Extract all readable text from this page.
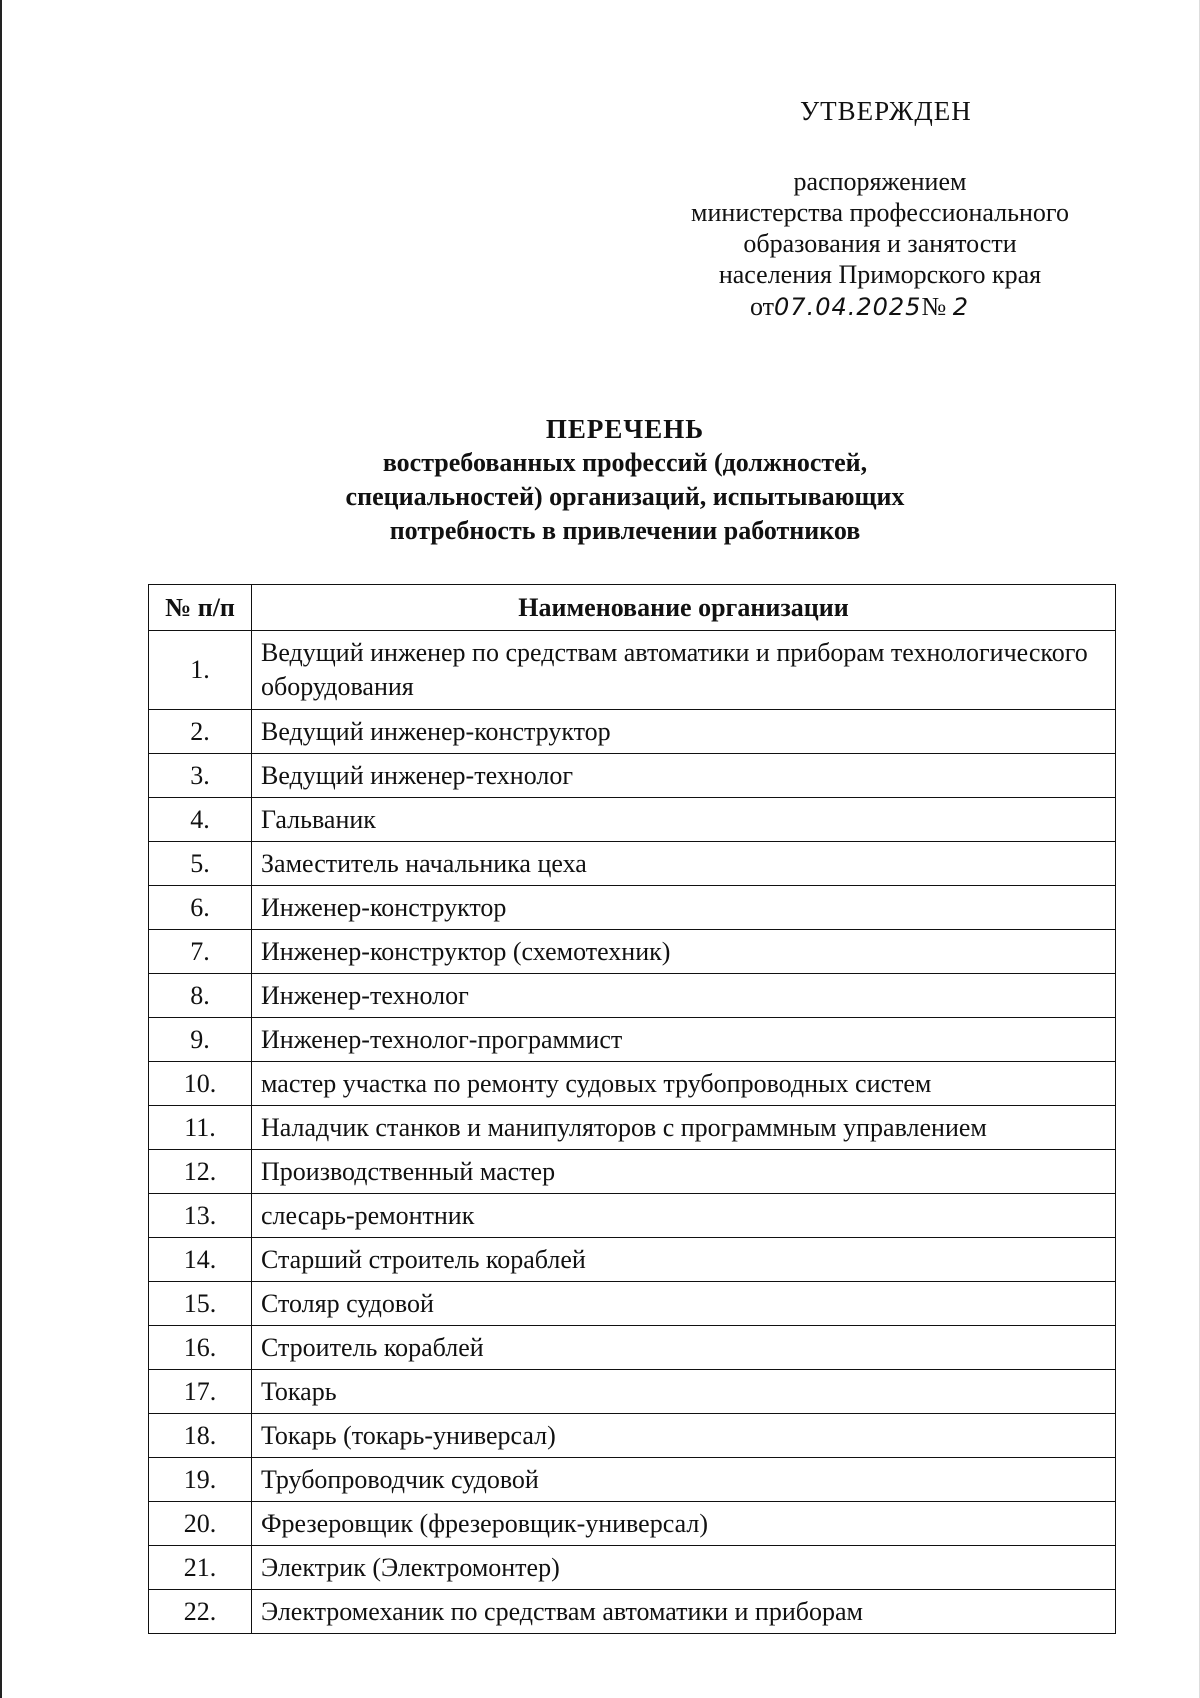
УТВЕРЖДЕН
распоряжением
министерства профессионального
образования и занятости
населения Приморского края
от07.04.2025№ 2
ПЕРЕЧЕНЬ
востребованных профессий (должностей,
специальностей) организаций, испытывающих
потребность в привлечении работников
№ п/п	Наименование организации
1.	Ведущий инженер по средствам автоматики и приборам технологического оборудования
2.	Ведущий инженер-конструктор
3.	Ведущий инженер-технолог
4.	Гальваник
5.	Заместитель начальника цеха
6.	Инженер-конструктор
7.	Инженер-конструктор (схемотехник)
8.	Инженер-технолог
9.	Инженер-технолог-программист
10.	мастер участка по ремонту судовых трубопроводных систем
11.	Наладчик станков и манипуляторов с программным управлением
12.	Производственный мастер
13.	слесарь-ремонтник
14.	Старший строитель кораблей
15.	Столяр судовой
16.	Строитель кораблей
17.	Токарь
18.	Токарь (токарь-универсал)
19.	Трубопроводчик судовой
20.	Фрезеровщик (фрезеровщик-универсал)
21.	Электрик (Электромонтер)
22.	Электромеханик по средствам автоматики и приборам
